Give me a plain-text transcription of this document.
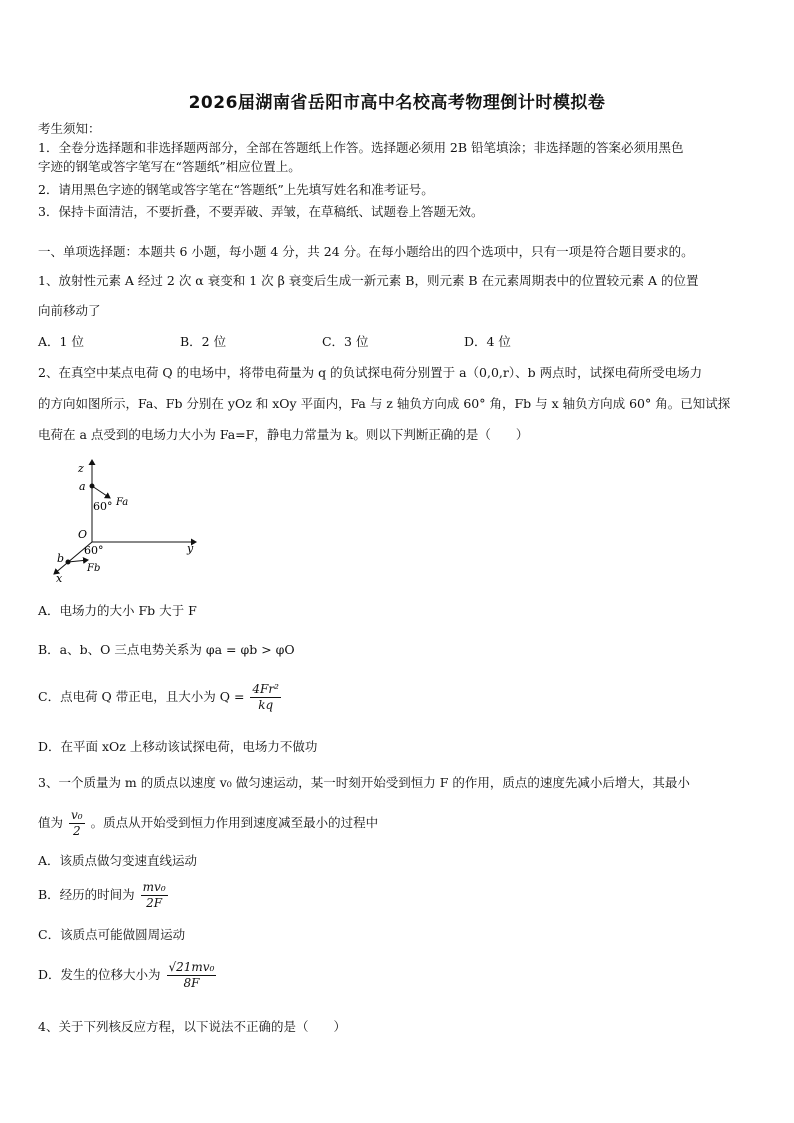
2026届湖南省岳阳市高中名校高考物理倒计时模拟卷
考生须知：
1．全卷分选择题和非选择题两部分，全部在答题纸上作答。选择题必须用 2B 铅笔填涂；非选择题的答案必须用黑色
字迹的钢笔或答字笔写在“答题纸”相应位置上。
2．请用黑色字迹的钢笔或答字笔在“答题纸”上先填写姓名和准考证号。
3．保持卡面清洁，不要折叠，不要弄破、弄皱，在草稿纸、试题卷上答题无效。
一、单项选择题：本题共 6 小题，每小题 4 分，共 24 分。在每小题给出的四个选项中，只有一项是符合题目要求的。
1、放射性元素 A 经过 2 次 α 衰变和 1 次 β 衰变后生成一新元素 B，则元素 B 在元素周期表中的位置较元素 A 的位置
向前移动了
A．1 位	B．2 位	C．3 位	D．4 位
2、在真空中某点电荷 Q 的电场中，将带电荷量为 q 的负试探电荷分别置于 a（0,0,r）、b 两点时，试探电荷所受电场力
的方向如图所示，Fa、Fb 分别在 yOz 和 xOy 平面内，Fa 与 z 轴负方向成 60° 角，Fb 与 x 轴负方向成 60° 角。已知试探
电荷在 a 点受到的电场力大小为 Fa=F，静电力常量为 k。则以下判断正确的是（　　）
z
a
60° Fa
O
y
60°
b
Fb
x
A．电场力的大小 Fb 大于 F
B．a、b、O 三点电势关系为 φa = φb > φO
C．点电荷 Q 带正电，且大小为 $Q = \frac{\text{4Fr²}}{kq}$
D．在平面 xOz 上移动该试探电荷，电场力不做功
3、一个质量为 m 的质点以速度 v₀ 做匀速运动，某一时刻开始受到恒力 F 的作用，质点的速度先减小后增大，其最小
值为 $\frac{\text{v₀}}{2}$ 。质点从开始受到恒力作用到速度减至最小的过程中
A．该质点做匀变速直线运动
B．经历的时间为 $\frac{\text{mv₀}}{2F}$
C．该质点可能做圆周运动
D．发生的位移大小为 $\frac{\text{√21mv₀}}{8F}$
4、关于下列核反应方程，以下说法不正确的是（　　）
